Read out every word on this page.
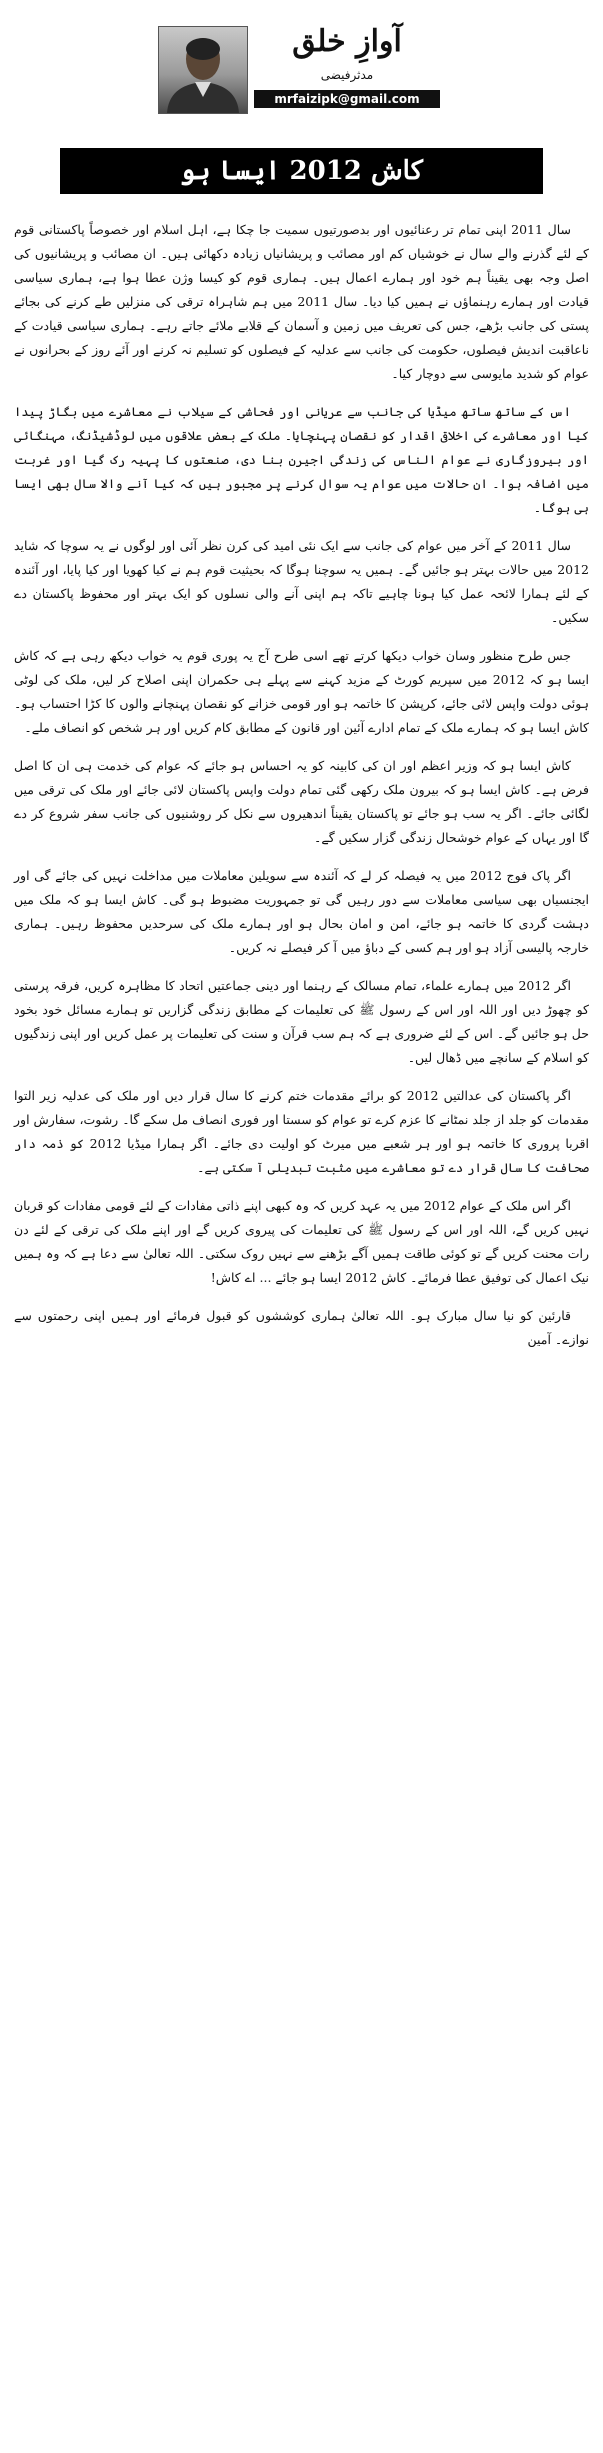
آوازِ خلق
مدثرفیضی
mrfaizipk@gmail.com
کاش 2012 ایسا ہو

سال 2011 اپنی تمام تر رعنائیوں اور بدصورتیوں سمیت جا چکا ہے، اہل اسلام اور خصوصاً پاکستانی قوم کے لئے گذرنے والے سال نے خوشیاں کم اور مصائب و پریشانیاں زیادہ دکھائی ہیں۔ ان مصائب و پریشانیوں کی اصل وجہ بھی یقیناً ہم خود اور ہمارے اعمال ہیں۔ ہماری قوم کو کیسا وژن عطا ہوا ہے، ہماری سیاسی قیادت اور ہمارے رہنماؤں نے ہمیں کیا دیا۔ سال 2011 میں ہم شاہراہ ترقی کی منزلیں طے کرنے کی بجائے پستی کی جانب بڑھے، جس کی تعریف میں زمین و آسمان کے قلابے ملائے جاتے رہے۔ ہماری سیاسی قیادت کے ناعاقبت اندیش فیصلوں، حکومت کی جانب سے عدلیہ کے فیصلوں کو تسلیم نہ کرنے اور آئے روز کے بحرانوں نے عوام کو شدید مایوسی سے دوچار کیا۔

اس کے ساتھ ساتھ میڈیا کی جانب سے عریانی اور فحاشی کے سیلاب نے معاشرے میں بگاڑ پیدا کیا اور معاشرے کی اخلاقی اقدار کو نقصان پہنچایا۔ ملک کے بعض علاقوں میں لوڈشیڈنگ، مہنگائی اور بیروزگاری نے عوام الناس کی زندگی اجیرن بنا دی، صنعتوں کا پہیہ رک گیا اور غربت میں اضافہ ہوا۔ ان حالات میں عوام یہ سوال کرنے پر مجبور ہیں کہ کیا آنے والا سال بھی ایسا ہی ہوگا۔

سال 2011 کے آخر میں عوام کی جانب سے ایک نئی امید کی کرن نظر آئی اور لوگوں نے یہ سوچا کہ شاید 2012 میں حالات بہتر ہو جائیں گے۔ ہمیں یہ سوچنا ہوگا کہ بحیثیت قوم ہم نے کیا کھویا اور کیا پایا، اور آئندہ کے لئے ہمارا لائحہ عمل کیا ہونا چاہیے تاکہ ہم اپنی آنے والی نسلوں کو ایک بہتر اور محفوظ پاکستان دے سکیں۔

جس طرح منظور وسان خواب دیکھا کرتے تھے اسی طرح آج یہ پوری قوم یہ خواب دیکھ رہی ہے کہ کاش ایسا ہو کہ 2012 میں سپریم کورٹ کے مزید کہنے سے پہلے ہی حکمران اپنی اصلاح کر لیں، ملک کی لوٹی ہوئی دولت واپس لائی جائے، کرپشن کا خاتمہ ہو اور قومی خزانے کو نقصان پہنچانے والوں کا کڑا احتساب ہو۔ کاش ایسا ہو کہ ہمارے ملک کے تمام ادارے آئین اور قانون کے مطابق کام کریں اور ہر شخص کو انصاف ملے۔

کاش ایسا ہو کہ وزیر اعظم اور ان کی کابینہ کو یہ احساس ہو جائے کہ عوام کی خدمت ہی ان کا اصل فرض ہے۔ کاش ایسا ہو کہ بیرون ملک رکھی گئی تمام دولت واپس پاکستان لائی جائے اور ملک کی ترقی میں لگائی جائے۔ اگر یہ سب ہو جائے تو پاکستان یقیناً اندھیروں سے نکل کر روشنیوں کی جانب سفر شروع کر دے گا اور یہاں کے عوام خوشحال زندگی گزار سکیں گے۔

اگر پاک فوج 2012 میں یہ فیصلہ کر لے کہ آئندہ سے سویلین معاملات میں مداخلت نہیں کی جائے گی اور ایجنسیاں بھی سیاسی معاملات سے دور رہیں گی تو جمہوریت مضبوط ہو گی۔ کاش ایسا ہو کہ ملک میں دہشت گردی کا خاتمہ ہو جائے، امن و امان بحال ہو اور ہمارے ملک کی سرحدیں محفوظ رہیں۔ ہماری خارجہ پالیسی آزاد ہو اور ہم کسی کے دباؤ میں آ کر فیصلے نہ کریں۔

اگر 2012 میں ہمارے علماء، تمام مسالک کے رہنما اور دینی جماعتیں اتحاد کا مظاہرہ کریں، فرقہ پرستی کو چھوڑ دیں اور اللہ اور اس کے رسول ﷺ کی تعلیمات کے مطابق زندگی گزاریں تو ہمارے مسائل خود بخود حل ہو جائیں گے۔ اس کے لئے ضروری ہے کہ ہم سب قرآن و سنت کی تعلیمات پر عمل کریں اور اپنی زندگیوں کو اسلام کے سانچے میں ڈھال لیں۔

اگر پاکستان کی عدالتیں 2012 کو برائے مقدمات ختم کرنے کا سال قرار دیں اور ملک کی عدلیہ زیر التوا مقدمات کو جلد از جلد نمٹانے کا عزم کرے تو عوام کو سستا اور فوری انصاف مل سکے گا۔ رشوت، سفارش اور اقربا پروری کا خاتمہ ہو اور ہر شعبے میں میرٹ کو اولیت دی جائے۔ اگر ہمارا میڈیا 2012 کو ذمہ دار صحافت کا سال قرار دے تو معاشرے میں مثبت تبدیلی آ سکتی ہے۔

اگر اس ملک کے عوام 2012 میں یہ عہد کریں کہ وہ کبھی اپنے ذاتی مفادات کے لئے قومی مفادات کو قربان نہیں کریں گے، اللہ اور اس کے رسول ﷺ کی تعلیمات کی پیروی کریں گے اور اپنے ملک کی ترقی کے لئے دن رات محنت کریں گے تو کوئی طاقت ہمیں آگے بڑھنے سے نہیں روک سکتی۔ اللہ تعالیٰ سے دعا ہے کہ وہ ہمیں نیک اعمال کی توفیق عطا فرمائے۔ کاش 2012 ایسا ہو جائے ... اے کاش!

قارئین کو نیا سال مبارک ہو۔ اللہ تعالیٰ ہماری کوششوں کو قبول فرمائے اور ہمیں اپنی رحمتوں سے نوازے۔ آمین
